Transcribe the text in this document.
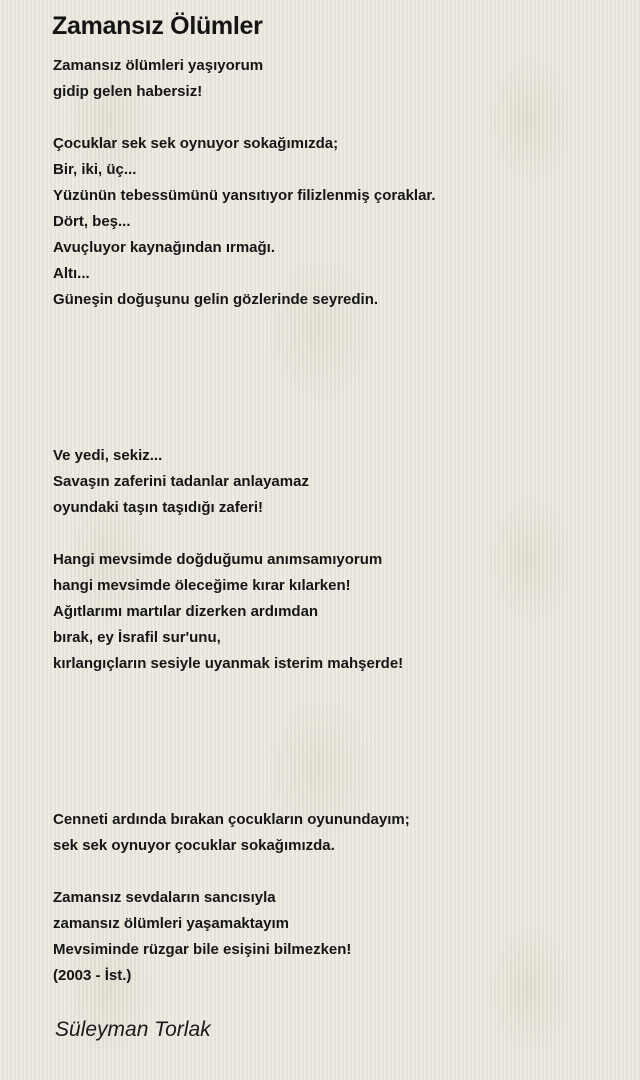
Zamansız Ölümler
Zamansız ölümleri yaşıyorum
gidip gelen habersiz!
Çocuklar sek sek oynuyor sokağımızda;
Bir, iki, üç...
Yüzünün tebessümünü yansıtıyor filizlenmiş çoraklar.
Dört, beş...
Avuçluyor kaynağından ırmağı.
Altı...
Güneşin doğuşunu gelin gözlerinde seyredin.
Ve yedi, sekiz...
Savaşın zaferini tadanlar anlayamaz
oyundaki taşın taşıdığı zaferi!
Hangi mevsimde doğduğumu anımsamıyorum
hangi mevsimde öleceğime kırar kılarken!
Ağıtlarımı martılar dizerken ardımdan
bırak, ey İsrafil sur'unu,
kırlangıçların sesiyle uyanmak isterim mahşerde!
Cenneti ardında bırakan çocukların oyunundayım;
sek sek oynuyor çocuklar sokağımızda.
Zamansız sevdaların sancısıyla
zamansız ölümleri yaşamaktayım
Mevsiminde rüzgar bile esişini bilmezken!
(2003 - İst.)
Süleyman Torlak
